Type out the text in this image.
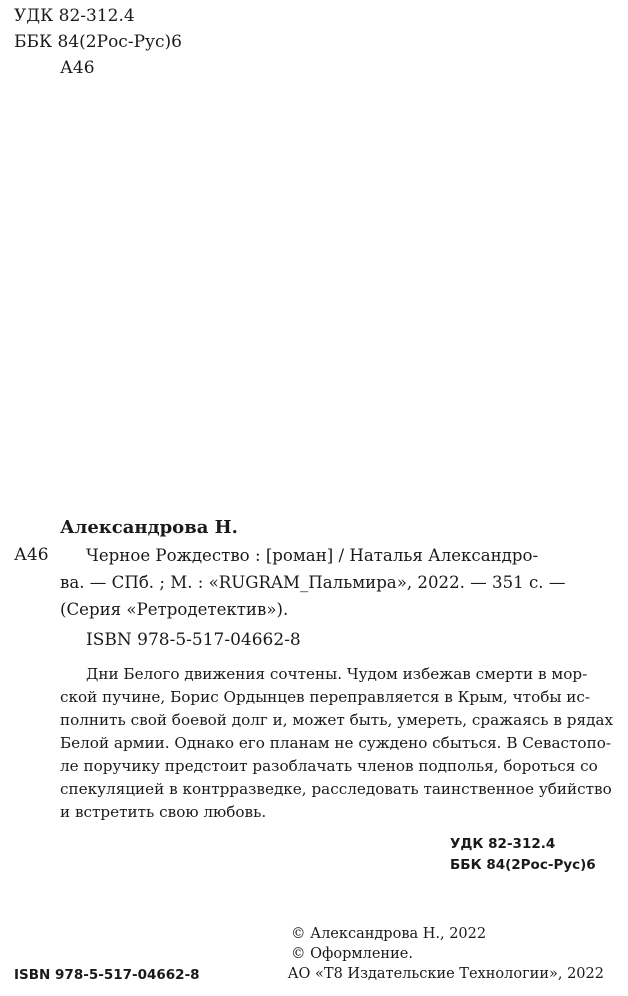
УДК 82-312.4
ББК 84(2Рос-Рус)6
А46
Александрова Н.
А46 Черное Рождество : [роман] / Наталья Александро-
ва. — СПб. ; М. : «RUGRAM_Пальмира», 2022. — 351 с. —
(Серия «Ретродетектив»).
ISBN 978-5-517-04662-8
Дни Белого движения сочтены. Чудом избежав смерти в мор-
ской пучине, Борис Ордынцев переправляется в Крым, чтобы ис-
полнить свой боевой долг и, может быть, умереть, сражаясь в рядах
Белой армии. Однако его планам не суждено сбыться. В Севастопо-
ле поручику предстоит разоблачать членов подполья, бороться со
спекуляцией в контрразведке, расследовать таинственное убийство
и встретить свою любовь.
УДК 82-312.4
ББК 84(2Рос-Рус)6
© Александрова Н., 2022
© Оформление.
АО «Т8 Издательские Технологии», 2022
ISBN 978-5-517-04662-8
